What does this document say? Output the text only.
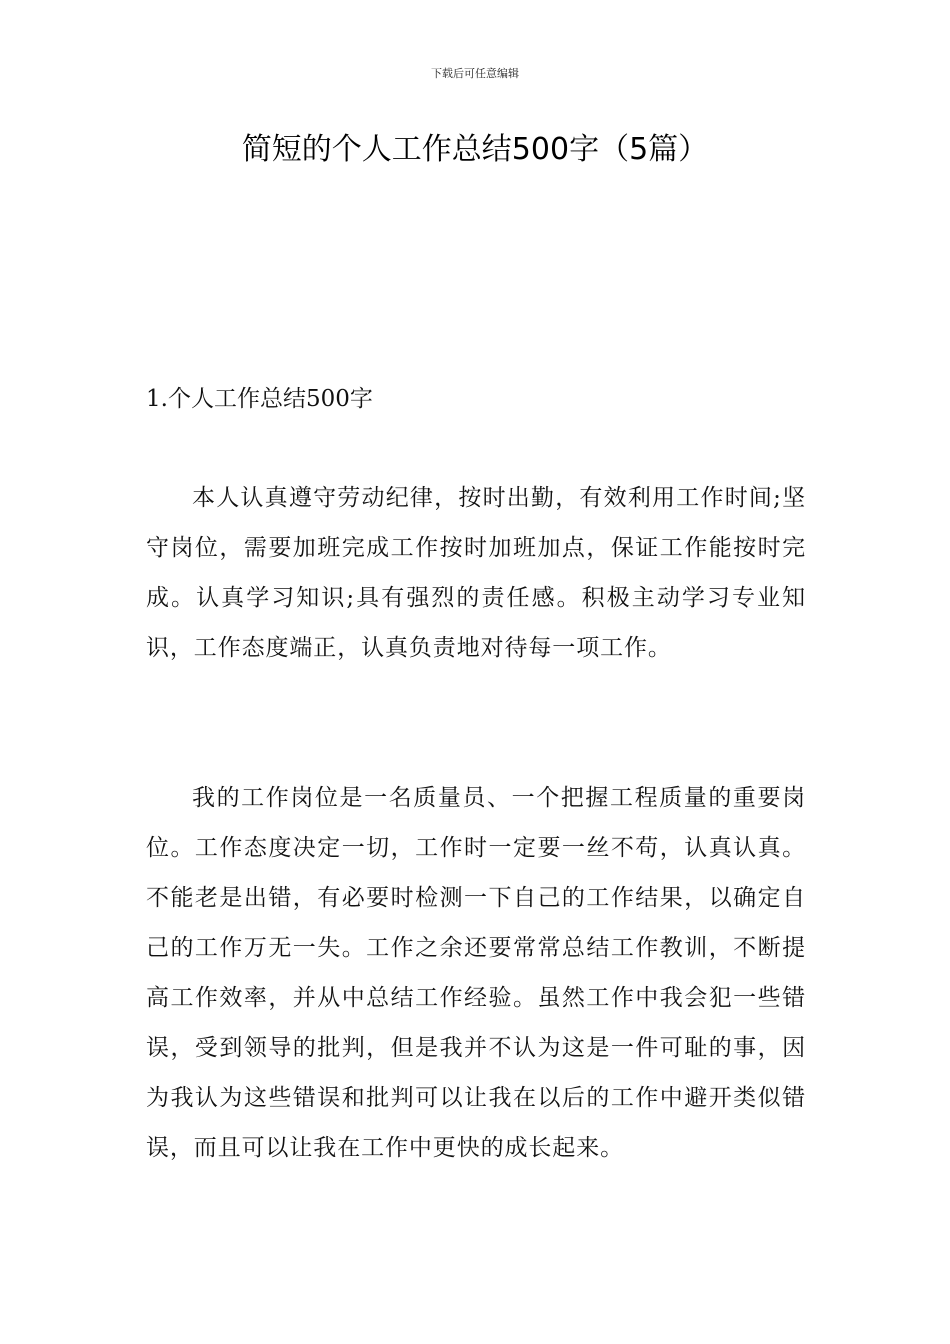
下载后可任意编辑
简短的个人工作总结500字（5篇）
1.个人工作总结500字

本人认真遵守劳动纪律，按时出勤，有效利用工作时间;坚守岗位，需要加班完成工作按时加班加点，保证工作能按时完成。认真学习知识;具有强烈的责任感。积极主动学习专业知识，工作态度端正，认真负责地对待每一项工作。

我的工作岗位是一名质量员、一个把握工程质量的重要岗位。工作态度决定一切，工作时一定要一丝不苟，认真认真。不能老是出错，有必要时检测一下自己的工作结果，以确定自己的工作万无一失。工作之余还要常常总结工作教训，不断提高工作效率，并从中总结工作经验。虽然工作中我会犯一些错误，受到领导的批判，但是我并不认为这是一件可耻的事，因为我认为这些错误和批判可以让我在以后的工作中避开类似错误，而且可以让我在工作中更快的成长起来。
